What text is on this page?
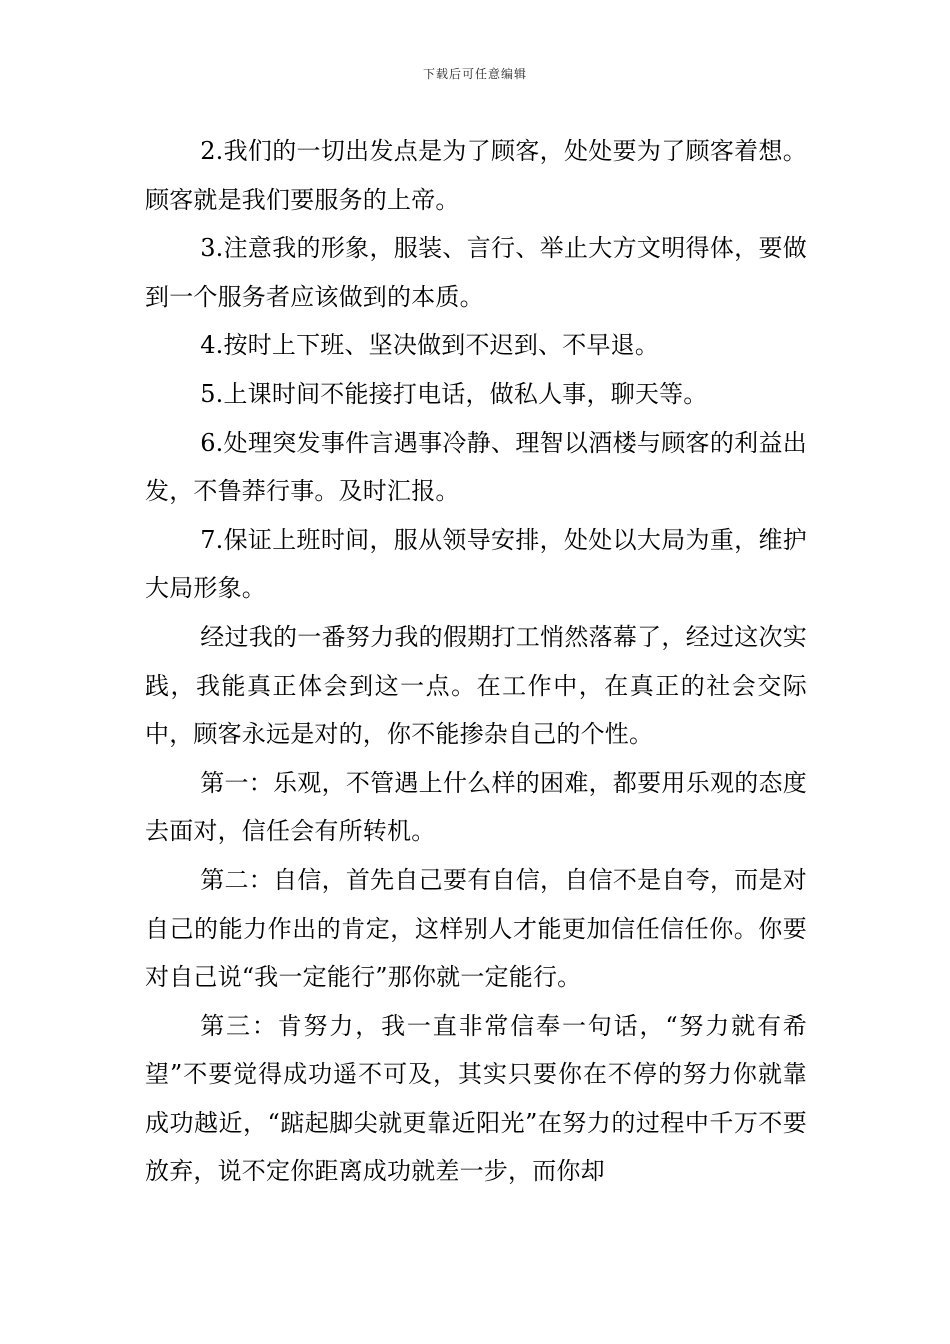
下载后可任意编辑

2.我们的一切出发点是为了顾客，处处要为了顾客着想。顾客就是我们要服务的上帝。

3.注意我的形象，服装、言行、举止大方文明得体，要做到一个服务者应该做到的本质。

4.按时上下班、坚决做到不迟到、不早退。

5.上课时间不能接打电话，做私人事，聊天等。

6.处理突发事件言遇事冷静、理智以酒楼与顾客的利益出发，不鲁莽行事。及时汇报。

7.保证上班时间，服从领导安排，处处以大局为重，维护大局形象。

经过我的一番努力我的假期打工悄然落幕了，经过这次实践，我能真正体会到这一点。在工作中，在真正的社会交际中，顾客永远是对的，你不能掺杂自己的个性。

第一：乐观，不管遇上什么样的困难，都要用乐观的态度去面对，信任会有所转机。

第二：自信，首先自己要有自信，自信不是自夸，而是对自己的能力作出的肯定，这样别人才能更加信任信任你。你要对自己说“我一定能行”那你就一定能行。

第三：肯努力，我一直非常信奉一句话，“努力就有希望”不要觉得成功遥不可及，其实只要你在不停的努力你就靠成功越近，“踮起脚尖就更靠近阳光”在努力的过程中千万不要放弃，说不定你距离成功就差一步，而你却
